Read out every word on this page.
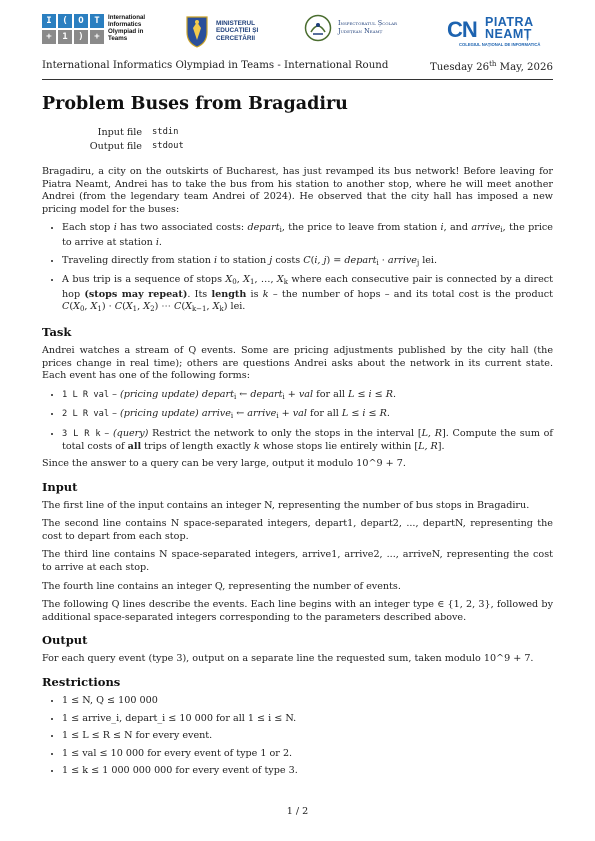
I	(	O	T
+	1	)	+
International
Informatics
Olympiad in
Teams
MINISTERUL
EDUCAȚIEI ȘI
CERCETĂRII
Inspectoratul Școlar
Județean Neamț	CN PIATRA
NEAMȚ
COLEGIUL NAȚIONAL DE INFORMATICĂ
International Informatics Olympiad in Teams - International Round	Tuesday 26th May, 2026
Problem Buses from Bragadiru
Input file	stdin
Output file	stdout

Bragadiru, a city on the outskirts of Bucharest, has just revamped its bus network! Before leaving for Piatra Neamt, Andrei has to take the bus from his station to another stop, where he will meet another Andrei (from the legendary team Andrei of 2024). He observed that the city hall has imposed a new pricing model for the buses:

• Each stop i has two associated costs: depart$_i$, the price to leave from station i, and arrive$_i$, the price to arrive at station i.
• Traveling directly from station i to station j costs C(i, j) = depart$_i$ · arrive$_j$ lei.
• A bus trip is a sequence of stops $X_0$, $X_1$, …, $X_k$ where each consecutive pair is connected by a direct hop (stops may repeat). Its length is k – the number of hops – and its total cost is the product $C(X_0$, $X_1) \cdot C(X_1$, $X_2$) ⋯ $C(X_{k-1}$, $X_k$) lei.
Task

Andrei watches a stream of Q events. Some are pricing adjustments published by the city hall (the prices change in real time); others are questions Andrei asks about the network in its current state. Each event has one of the following forms:

• 1 L R val – (pricing update) depart$_i$ ← depart$_i$ + val for all L ≤ i ≤ R.
• 2 L R val – (pricing update) arrive$_i$ ← arrive$_i$ + val for all L ≤ i ≤ R.
• 3 L R k – (query) Restrict the network to only the stops in the interval [L, R]. Compute the sum of total costs of all trips of length exactly k whose stops lie entirely within [L, R].

Since the answer to a query can be very large, output it modulo 10^9 + 7.

Input

The first line of the input contains an integer N, representing the number of bus stops in Bragadiru.

The second line contains N space-separated integers, depart1, depart2, ..., departN, representing the cost to depart from each stop.

The third line contains N space-separated integers, arrive1, arrive2, ..., arriveN, representing the cost to arrive at each stop.

The fourth line contains an integer Q, representing the number of events.

The following Q lines describe the events. Each line begins with an integer type ∈ {1, 2, 3}, followed by additional space-separated integers corresponding to the parameters described above.

Output

For each query event (type 3), output on a separate line the requested sum, taken modulo 10^9 + 7.

Restrictions
• 1 ≤ N, Q ≤ 100 000
• 1 ≤ arrive_i, depart_i ≤ 10 000 for all 1 ≤ i ≤ N.
• 1 ≤ L ≤ R ≤ N for every event.
• 1 ≤ val ≤ 10 000 for every event of type 1 or 2.
• 1 ≤ k ≤ 1 000 000 000 for every event of type 3.
1 / 2
